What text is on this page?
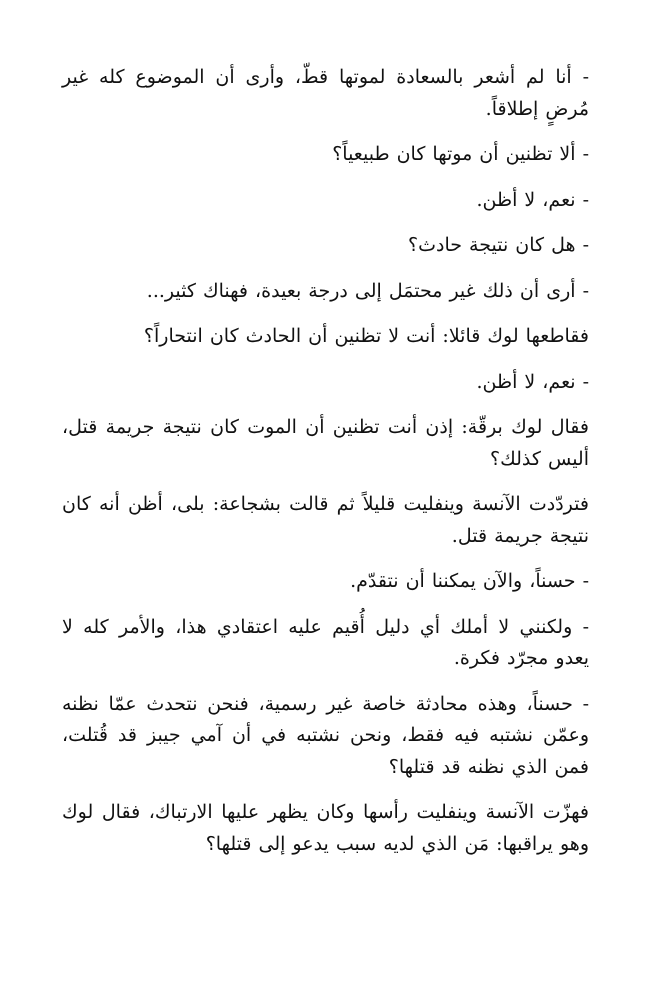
- أنا لم أشعر بالسعادة لموتها قطّ، وأرى أن الموضوع كله غير مُرضٍ إطلاقاً.

- ألا تظنين أن موتها كان طبيعياً؟

- نعم، لا أظن.

- هل كان نتيجة حادث؟

- أرى أن ذلك غير محتمَل إلى درجة بعيدة، فهناك كثير...

فقاطعها لوك قائلا: أنت لا تظنين أن الحادث كان انتحاراً؟

- نعم، لا أظن.

فقال لوك برقّة: إذن أنت تظنين أن الموت كان نتيجة جريمة قتل، أليس كذلك؟

فتردّدت الآنسة وينفليت قليلاً ثم قالت بشجاعة: بلى، أظن أنه كان نتيجة جريمة قتل.

- حسناً، والآن يمكننا أن نتقدّم.

- ولكنني لا أملك أي دليل أُقيم عليه اعتقادي هذا، والأمر كله لا يعدو مجرّد فكرة.

- حسناً، وهذه محادثة خاصة غير رسمية، فنحن نتحدث عمّا نظنه وعمّن نشتبه فيه فقط، ونحن نشتبه في أن آمي جيبز قد قُتلت، فمن الذي نظنه قد قتلها؟

فهزّت الآنسة وينفليت رأسها وكان يظهر عليها الارتباك، فقال لوك وهو يراقبها: مَن الذي لديه سبب يدعو إلى قتلها؟
